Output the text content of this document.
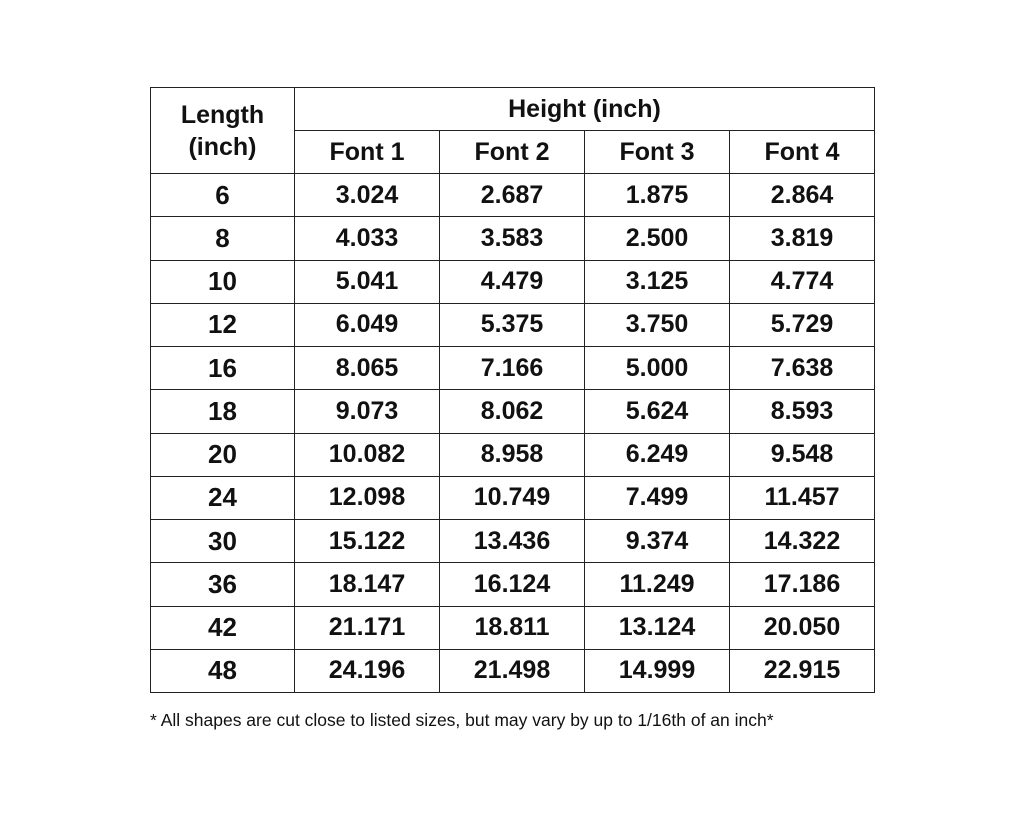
Length
(inch)	Height (inch)			
	Font 1	Font 2	Font 3	Font 4
6	3.024	2.687	1.875	2.864
8	4.033	3.583	2.500	3.819
10	5.041	4.479	3.125	4.774
12	6.049	5.375	3.750	5.729
16	8.065	7.166	5.000	7.638
18	9.073	8.062	5.624	8.593
20	10.082	8.958	6.249	9.548
24	12.098	10.749	7.499	11.457
30	15.122	13.436	9.374	14.322
36	18.147	16.124	11.249	17.186
42	21.171	18.811	13.124	20.050
48	24.196	21.498	14.999	22.915
* All shapes are cut close to listed sizes, but may vary by up to 1/16th of an inch*
